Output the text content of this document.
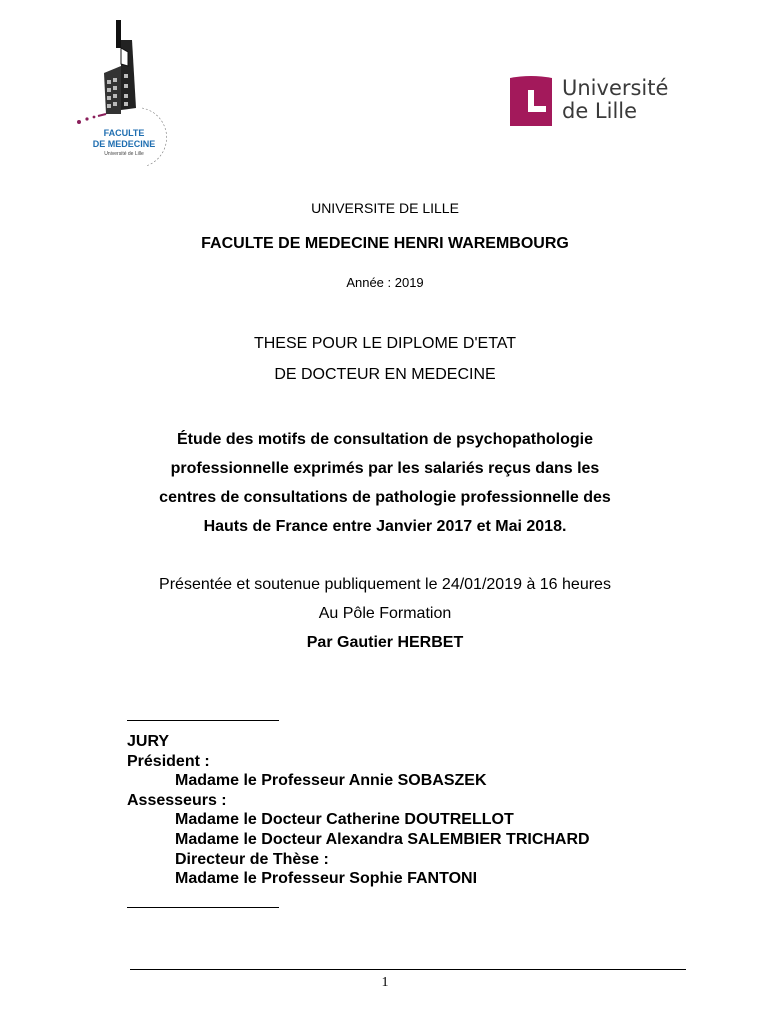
FACULTE
DE MEDECINE
Université de Lille
Université
de Lille
UNIVERSITE DE LILLE
FACULTE DE MEDECINE HENRI WAREMBOURG
Année : 2019
THESE POUR LE DIPLOME D'ETAT
DE DOCTEUR EN MEDECINE
Étude des motifs de consultation de psychopathologie
professionnelle exprimés par les salariés reçus dans les
centres de consultations de pathologie professionnelle des
Hauts de France entre Janvier 2017 et Mai 2018.
Présentée et soutenue publiquement le 24/01/2019 à 16 heures
Au Pôle Formation
Par Gautier HERBET
JURY
Président :
Madame le Professeur Annie SOBASZEK
Assesseurs :
Madame le Docteur Catherine DOUTRELLOT
Madame le Docteur Alexandra SALEMBIER TRICHARD
Directeur de Thèse :
Madame le Professeur Sophie FANTONI
1
